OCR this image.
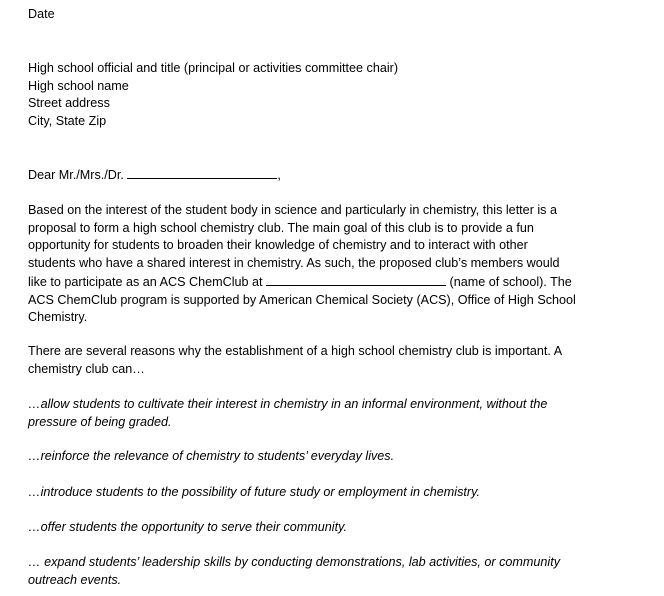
Date
High school official and title (principal or activities committee chair)
High school name
Street address
City, State Zip
Dear Mr./Mrs./Dr.	,
Based on the interest of the student body in science and particularly in chemistry, this letter is a
proposal to form a high school chemistry club. The main goal of this club is to provide a fun
opportunity for students to broaden their knowledge of chemistry and to interact with other
students who have a shared interest in chemistry. As such, the proposed club’s members would
like to participate as an ACS ChemClub at	(name of school). The
ACS ChemClub program is supported by American Chemical Society (ACS), Office of High School
Chemistry.
There are several reasons why the establishment of a high school chemistry club is important. A
chemistry club can…
…allow students to cultivate their interest in chemistry in an informal environment, without the
pressure of being graded.
…reinforce the relevance of chemistry to students’ everyday lives.
…introduce students to the possibility of future study or employment in chemistry.
…offer students the opportunity to serve their community.
… expand students’ leadership skills by conducting demonstrations, lab activities, or community
outreach events.
